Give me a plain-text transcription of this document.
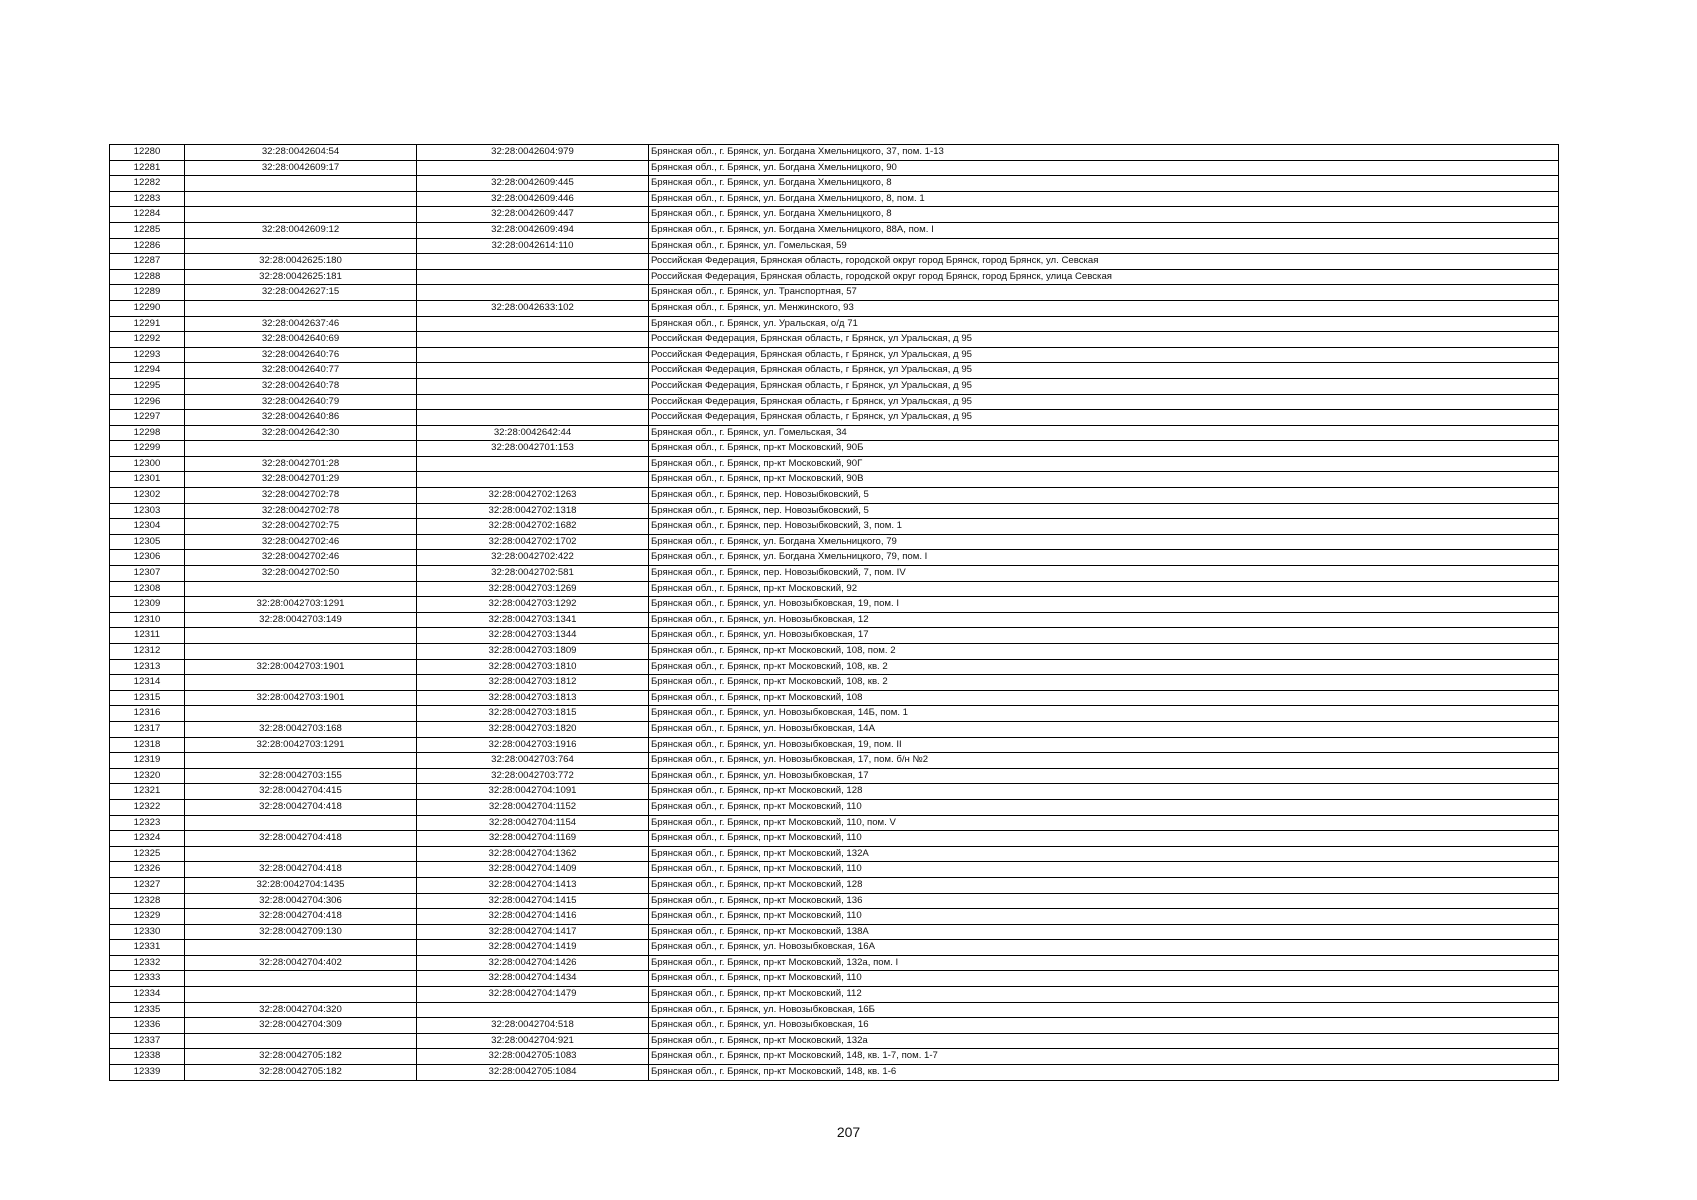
12280	32:28:0042604:54	32:28:0042604:979	Брянская обл., г. Брянск, ул. Богдана Хмельницкого, 37, пом. 1-13
12281	32:28:0042609:17		Брянская обл., г. Брянск, ул. Богдана Хмельницкого, 90
12282		32:28:0042609:445	Брянская обл., г. Брянск, ул. Богдана Хмельницкого, 8
12283		32:28:0042609:446	Брянская обл., г. Брянск, ул. Богдана Хмельницкого, 8, пом. 1
12284		32:28:0042609:447	Брянская обл., г. Брянск, ул. Богдана Хмельницкого, 8
12285	32:28:0042609:12	32:28:0042609:494	Брянская обл., г. Брянск, ул. Богдана Хмельницкого, 88А, пом. I
12286		32:28:0042614:110	Брянская обл., г. Брянск, ул. Гомельская, 59
12287	32:28:0042625:180		Российская Федерация, Брянская область, городской округ город Брянск, город Брянск, ул. Севская
12288	32:28:0042625:181		Российская Федерация, Брянская область, городской округ город Брянск, город Брянск, улица Севская
12289	32:28:0042627:15		Брянская обл., г. Брянск, ул. Транспортная, 57
12290		32:28:0042633:102	Брянская обл., г. Брянск, ул. Менжинского, 93
12291	32:28:0042637:46		Брянская обл., г. Брянск, ул. Уральская, о/д 71
12292	32:28:0042640:69		Российская Федерация, Брянская область, г Брянск, ул Уральская, д 95
12293	32:28:0042640:76		Российская Федерация, Брянская область, г Брянск, ул Уральская, д 95
12294	32:28:0042640:77		Российская Федерация, Брянская область, г Брянск, ул Уральская, д 95
12295	32:28:0042640:78		Российская Федерация, Брянская область, г Брянск, ул Уральская, д 95
12296	32:28:0042640:79		Российская Федерация, Брянская область, г Брянск, ул Уральская, д 95
12297	32:28:0042640:86		Российская Федерация, Брянская область, г Брянск, ул Уральская, д 95
12298	32:28:0042642:30	32:28:0042642:44	Брянская обл., г. Брянск, ул. Гомельская, 34
12299		32:28:0042701:153	Брянская обл., г. Брянск, пр-кт Московский, 90Б
12300	32:28:0042701:28		Брянская обл., г. Брянск, пр-кт Московский, 90Г
12301	32:28:0042701:29		Брянская обл., г. Брянск, пр-кт Московский, 90В
12302	32:28:0042702:78	32:28:0042702:1263	Брянская обл., г. Брянск, пер. Новозыбковский, 5
12303	32:28:0042702:78	32:28:0042702:1318	Брянская обл., г. Брянск, пер. Новозыбковский, 5
12304	32:28:0042702:75	32:28:0042702:1682	Брянская обл., г. Брянск, пер. Новозыбковский, 3, пом. 1
12305	32:28:0042702:46	32:28:0042702:1702	Брянская обл., г. Брянск, ул. Богдана Хмельницкого, 79
12306	32:28:0042702:46	32:28:0042702:422	Брянская обл., г. Брянск, ул. Богдана Хмельницкого, 79, пом. I
12307	32:28:0042702:50	32:28:0042702:581	Брянская обл., г. Брянск, пер. Новозыбковский, 7, пом. IV
12308		32:28:0042703:1269	Брянская обл., г. Брянск, пр-кт Московский, 92
12309	32:28:0042703:1291	32:28:0042703:1292	Брянская обл., г. Брянск, ул. Новозыбковская, 19, пом. I
12310	32:28:0042703:149	32:28:0042703:1341	Брянская обл., г. Брянск, ул. Новозыбковская, 12
12311		32:28:0042703:1344	Брянская обл., г. Брянск, ул. Новозыбковская, 17
12312		32:28:0042703:1809	Брянская обл., г. Брянск, пр-кт Московский, 108, пом. 2
12313	32:28:0042703:1901	32:28:0042703:1810	Брянская обл., г. Брянск, пр-кт Московский, 108, кв. 2
12314		32:28:0042703:1812	Брянская обл., г. Брянск, пр-кт Московский, 108, кв. 2
12315	32:28:0042703:1901	32:28:0042703:1813	Брянская обл., г. Брянск, пр-кт Московский, 108
12316		32:28:0042703:1815	Брянская обл., г. Брянск, ул. Новозыбковская, 14Б, пом. 1
12317	32:28:0042703:168	32:28:0042703:1820	Брянская обл., г. Брянск, ул. Новозыбковская, 14А
12318	32:28:0042703:1291	32:28:0042703:1916	Брянская обл., г. Брянск, ул. Новозыбковская, 19, пом. II
12319		32:28:0042703:764	Брянская обл., г. Брянск, ул. Новозыбковская, 17, пом. б/н №2
12320	32:28:0042703:155	32:28:0042703:772	Брянская обл., г. Брянск, ул. Новозыбковская, 17
12321	32:28:0042704:415	32:28:0042704:1091	Брянская обл., г. Брянск, пр-кт Московский, 128
12322	32:28:0042704:418	32:28:0042704:1152	Брянская обл., г. Брянск, пр-кт Московский, 110
12323		32:28:0042704:1154	Брянская обл., г. Брянск, пр-кт Московский, 110, пом. V
12324	32:28:0042704:418	32:28:0042704:1169	Брянская обл., г. Брянск, пр-кт Московский, 110
12325		32:28:0042704:1362	Брянская обл., г. Брянск, пр-кт Московский, 132А
12326	32:28:0042704:418	32:28:0042704:1409	Брянская обл., г. Брянск, пр-кт Московский, 110
12327	32:28:0042704:1435	32:28:0042704:1413	Брянская обл., г. Брянск, пр-кт Московский, 128
12328	32:28:0042704:306	32:28:0042704:1415	Брянская обл., г. Брянск, пр-кт Московский, 136
12329	32:28:0042704:418	32:28:0042704:1416	Брянская обл., г. Брянск, пр-кт Московский, 110
12330	32:28:0042709:130	32:28:0042704:1417	Брянская обл., г. Брянск, пр-кт Московский, 138А
12331		32:28:0042704:1419	Брянская обл., г. Брянск, ул. Новозыбковская, 16А
12332	32:28:0042704:402	32:28:0042704:1426	Брянская обл., г. Брянск, пр-кт Московский, 132а, пом. I
12333		32:28:0042704:1434	Брянская обл., г. Брянск, пр-кт Московский, 110
12334		32:28:0042704:1479	Брянская обл., г. Брянск, пр-кт Московский, 112
12335	32:28:0042704:320		Брянская обл., г. Брянск, ул. Новозыбковская, 16Б
12336	32:28:0042704:309	32:28:0042704:518	Брянская обл., г. Брянск, ул. Новозыбковская, 16
12337		32:28:0042704:921	Брянская обл., г. Брянск, пр-кт Московский, 132а
12338	32:28:0042705:182	32:28:0042705:1083	Брянская обл., г. Брянск, пр-кт Московский, 148, кв. 1-7, пом. 1-7
12339	32:28:0042705:182	32:28:0042705:1084	Брянская обл., г. Брянск, пр-кт Московский, 148, кв. 1-6
207
